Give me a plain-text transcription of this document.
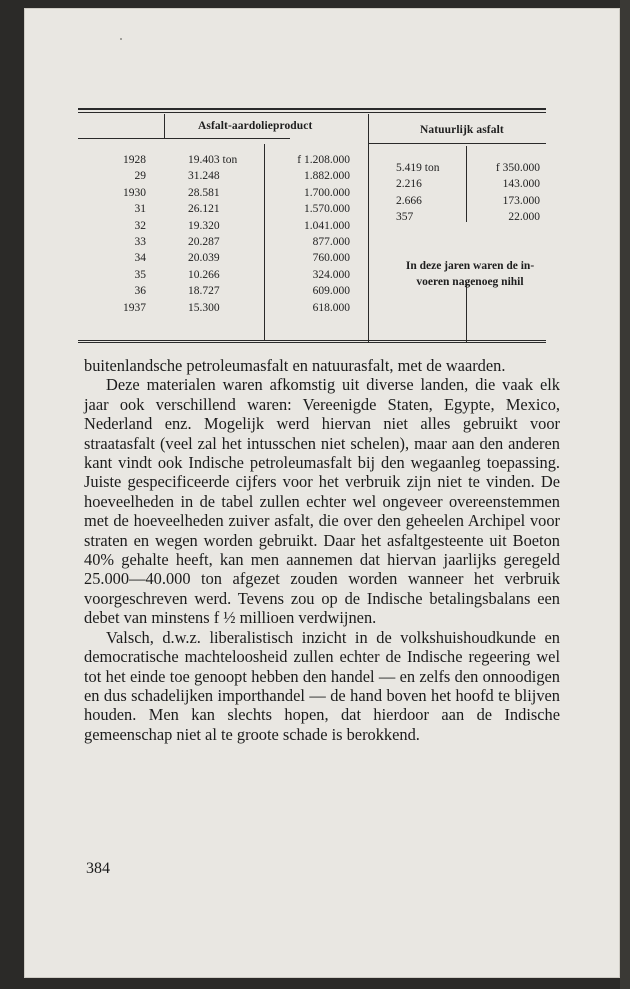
Asfalt-aardolieproduct	Natuurlijk asfalt
1928
29
1930
31
32
33
34
35
36
1937
19.403 ton
31.248
28.581
26.121
19.320
20.287
20.039
10.266
18.727
15.300
f 1.208.000
1.882.000
1.700.000
1.570.000
1.041.000
877.000
760.000
324.000
609.000
618.000
5.419 ton
2.216
2.666
357
f 350.000
143.000
173.000
22.000
In deze jaren waren de in-
voeren nagenoeg nihil

buitenlandsche petroleumasfalt en natuurasfalt, met de waarden.

Deze materialen waren afkomstig uit diverse landen, die vaak elk jaar ook verschillend waren: Vereenigde Staten, Egypte, Mexico, Nederland enz. Mogelijk werd hiervan niet alles gebruikt voor straatasfalt (veel zal het intusschen niet schelen), maar aan den anderen kant vindt ook Indische petroleumasfalt bij den wegaanleg toepassing. Juiste gespecificeerde cijfers voor het verbruik zijn niet te vinden. De hoeveelheden in de tabel zullen echter wel ongeveer overeenstemmen met de hoeveelheden zuiver asfalt, die over den geheelen Archipel voor straten en wegen worden gebruikt. Daar het asfaltgesteente uit Boeton 40% gehalte heeft, kan men aannemen dat hiervan jaarlijks geregeld 25.000—40.000 ton afgezet zouden worden wanneer het verbruik voorgeschreven werd. Tevens zou op de Indische betalingsbalans een debet van minstens f ½ millioen verdwijnen.

Valsch, d.w.z. liberalistisch inzicht in de volkshuishoudkunde en democratische machteloosheid zullen echter de Indische regeering wel tot het einde toe genoopt hebben den handel — en zelfs den onnoodigen en dus schadelijken importhandel — de hand boven het hoofd te blijven houden. Men kan slechts hopen, dat hierdoor aan de Indische gemeenschap niet al te groote schade is berokkend.

384
